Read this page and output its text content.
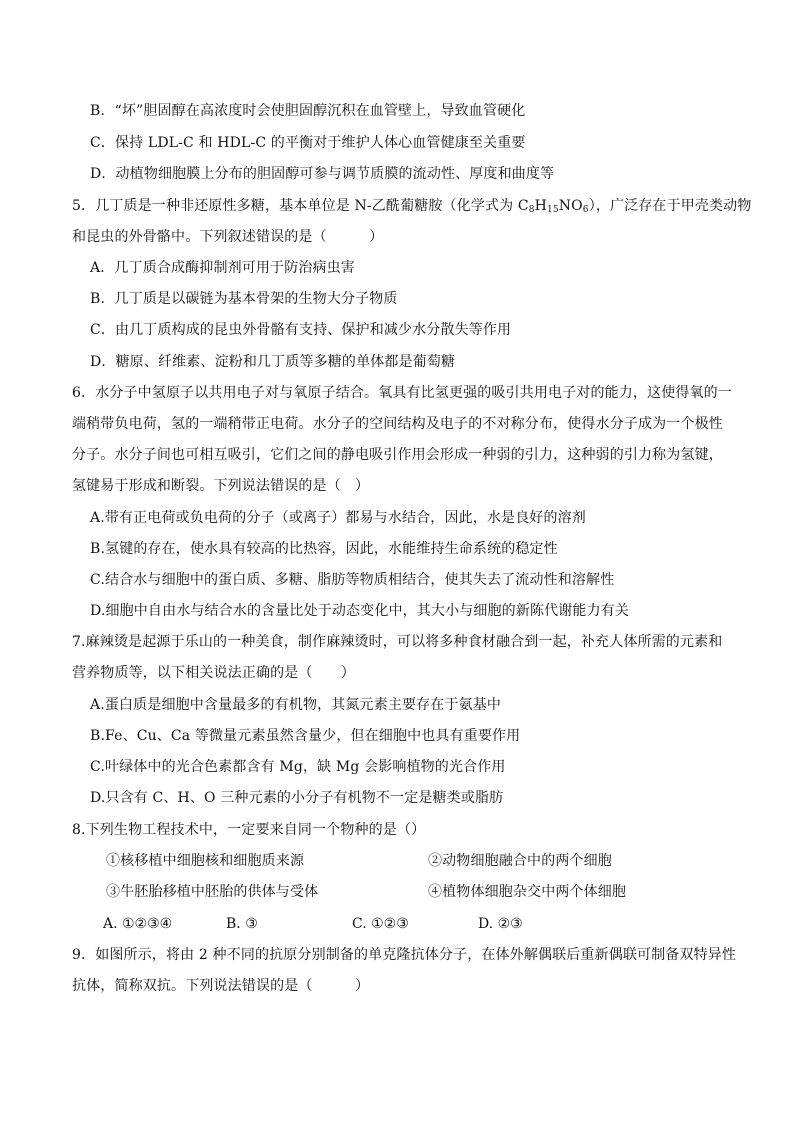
B．“坏”胆固醇在高浓度时会使胆固醇沉积在血管壁上，导致血管硬化
C．保持 LDL-C 和 HDL-C 的平衡对于维护人体心血管健康至关重要
D．动植物细胞膜上分布的胆固醇可参与调节质膜的流动性、厚度和曲度等
5．几丁质是一种非还原性多糖，基本单位是 N-乙酰葡糖胺（化学式为 $C_8H_{15}NO_6$），广泛存在于甲壳类动物
和昆虫的外骨骼中。下列叙述错误的是（　　　）
A．几丁质合成酶抑制剂可用于防治病虫害
B．几丁质是以碳链为基本骨架的生物大分子物质
C．由几丁质构成的昆虫外骨骼有支持、保护和减少水分散失等作用
D．糖原、纤维素、淀粉和几丁质等多糖的单体都是葡萄糖
6．水分子中氢原子以共用电子对与氧原子结合。氧具有比氢更强的吸引共用电子对的能力，这使得氧的一
端稍带负电荷，氢的一端稍带正电荷。水分子的空间结构及电子的不对称分布，使得水分子成为一个极性
分子。水分子间也可相互吸引，它们之间的静电吸引作用会形成一种弱的引力，这种弱的引力称为氢键，
氢键易于形成和断裂。下列说法错误的是（　）
A.带有正电荷或负电荷的分子（或离子）都易与水结合，因此，水是良好的溶剂
B.氢键的存在，使水具有较高的比热容，因此，水能维持生命系统的稳定性
C.结合水与细胞中的蛋白质、多糖、脂肪等物质相结合，使其失去了流动性和溶解性
D.细胞中自由水与结合水的含量比处于动态变化中，其大小与细胞的新陈代谢能力有关
7.麻辣烫是起源于乐山的一种美食，制作麻辣烫时，可以将多种食材融合到一起，补充人体所需的元素和
营养物质等，以下相关说法正确的是（　　）
A.蛋白质是细胞中含量最多的有机物，其氮元素主要存在于氨基中
B.Fe、Cu、Ca 等微量元素虽然含量少，但在细胞中也具有重要作用
C.叶绿体中的光合色素都含有 Mg，缺 Mg 会影响植物的光合作用
D.只含有 C、H、O 三种元素的小分子有机物不一定是糖类或脂肪
8.下列生物工程技术中，一定要来自同一个物种的是（）
①核移植中细胞核和细胞质来源	②动物细胞融合中的两个细胞
③牛胚胎移植中胚胎的供体与受体	④植物体细胞杂交中两个体细胞
A. ①②③④	B. ③	C. ①②③	D. ②③
9．如图所示，将由 2 种不同的抗原分别制备的单克隆抗体分子，在体外解偶联后重新偶联可制备双特异性
抗体，简称双抗。下列说法错误的是（　　　）
